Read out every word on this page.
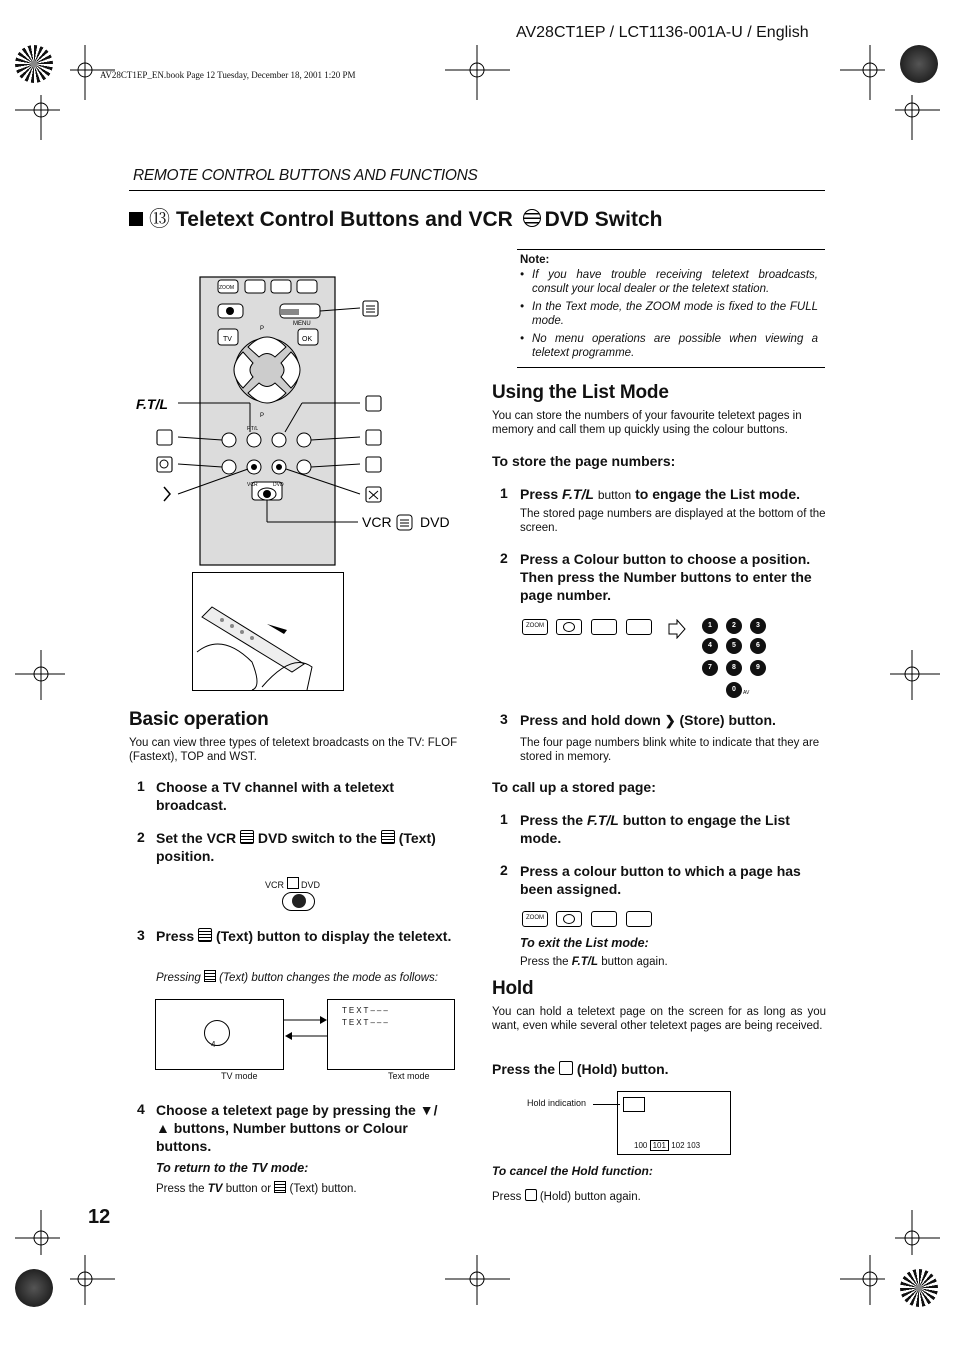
AV28CT1EP / LCT1136-001A-U / English
AV28CT1EP_EN.book Page 12 Tuesday, December 18, 2001 1:20 PM
REMOTE CONTROL BUTTONS AND FUNCTIONS
⑬ Teletext Control Buttons and VCR DVD Switch
ZOOM
TV	OK
MENU
P
P
F.T/L
VCR	DVD
F.T/L
VCR DVD
Note:
• If you have trouble receiving teletext broadcasts, consult your local dealer or the teletext station.
• In the Text mode, the ZOOM mode is fixed to the FULL mode.
• No menu operations are possible when viewing a teletext programme.
Using the List Mode
You can store the numbers of your favourite teletext pages in memory and call them up quickly using the colour buttons.
To store the page numbers:
1 Press F.T/L button to engage the List mode.
The stored page numbers are displayed at the bottom of the screen.
2 Press a Colour button to choose a position. Then press the Number buttons to enter the page number.
ZOOM	1	2	3
4	5	6
7	8	9
0	AV
3 Press and hold down ❯ (Store) button.
The four page numbers blink white to indicate that they are stored in memory.
To call up a stored page:
1 Press the F.T/L button to engage the List mode.
2 Press a colour button to which a page has been assigned.
ZOOM
To exit the List mode:
Press the F.T/L button again.
Hold
You can hold a teletext page on the screen for as long as you want, even while several other teletext pages are being received.
Press the (Hold) button.
Hold indication
100 101 102 103
To cancel the Hold function:
Press (Hold) button again.
Basic operation
You can view three types of teletext broadcasts on the TV: FLOF (Fastext), TOP and WST.
1 Choose a TV channel with a teletext broadcast.
2 Set the VCR DVD switch to the (Text) position.
VCR DVD
3 Press (Text) button to display the teletext.
Pressing (Text) button changes the mode as follows:
4
TEXT–––
TEXT–––
TV mode	Text mode
4 Choose a teletext page by pressing the ▼/▲ buttons, Number buttons or Colour buttons.
To return to the TV mode:
Press the TV button or (Text) button.
12
